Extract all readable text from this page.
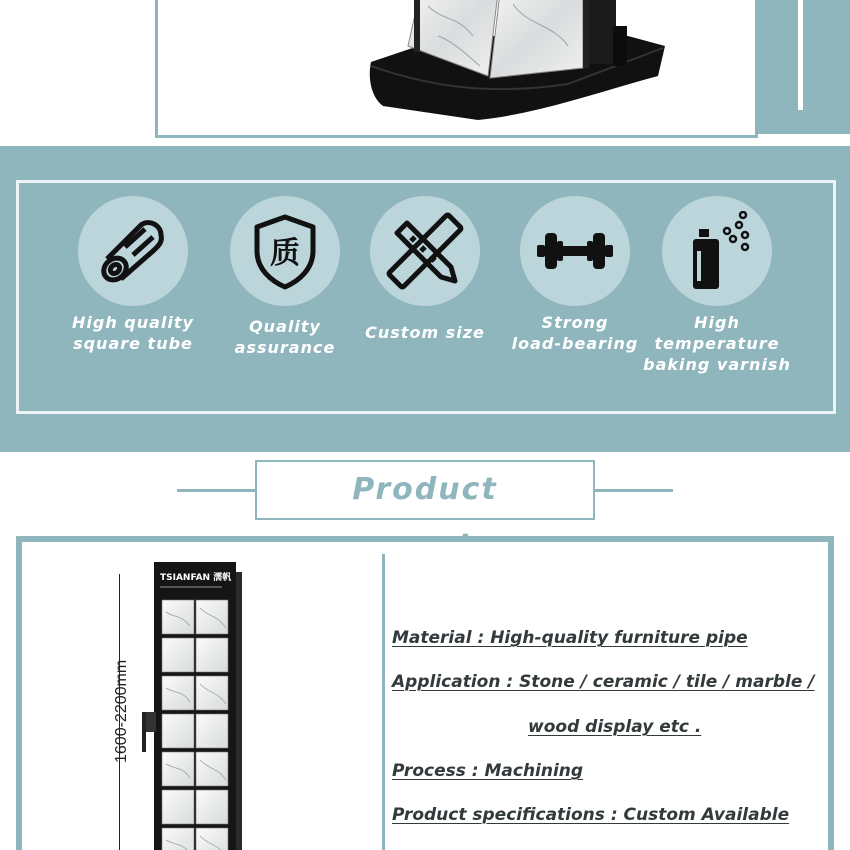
High quality
square tube
质
Quality
assurance
Custom size
Strong
load-bearing
High temperature
baking varnish
Product
1600-2200mm
TSIANFAN 濡帆
Material : High-quality furniture pipe
Application : Stone / ceramic / tile / marble /
wood display etc .
Process : Machining
Product specifications : Custom Available
